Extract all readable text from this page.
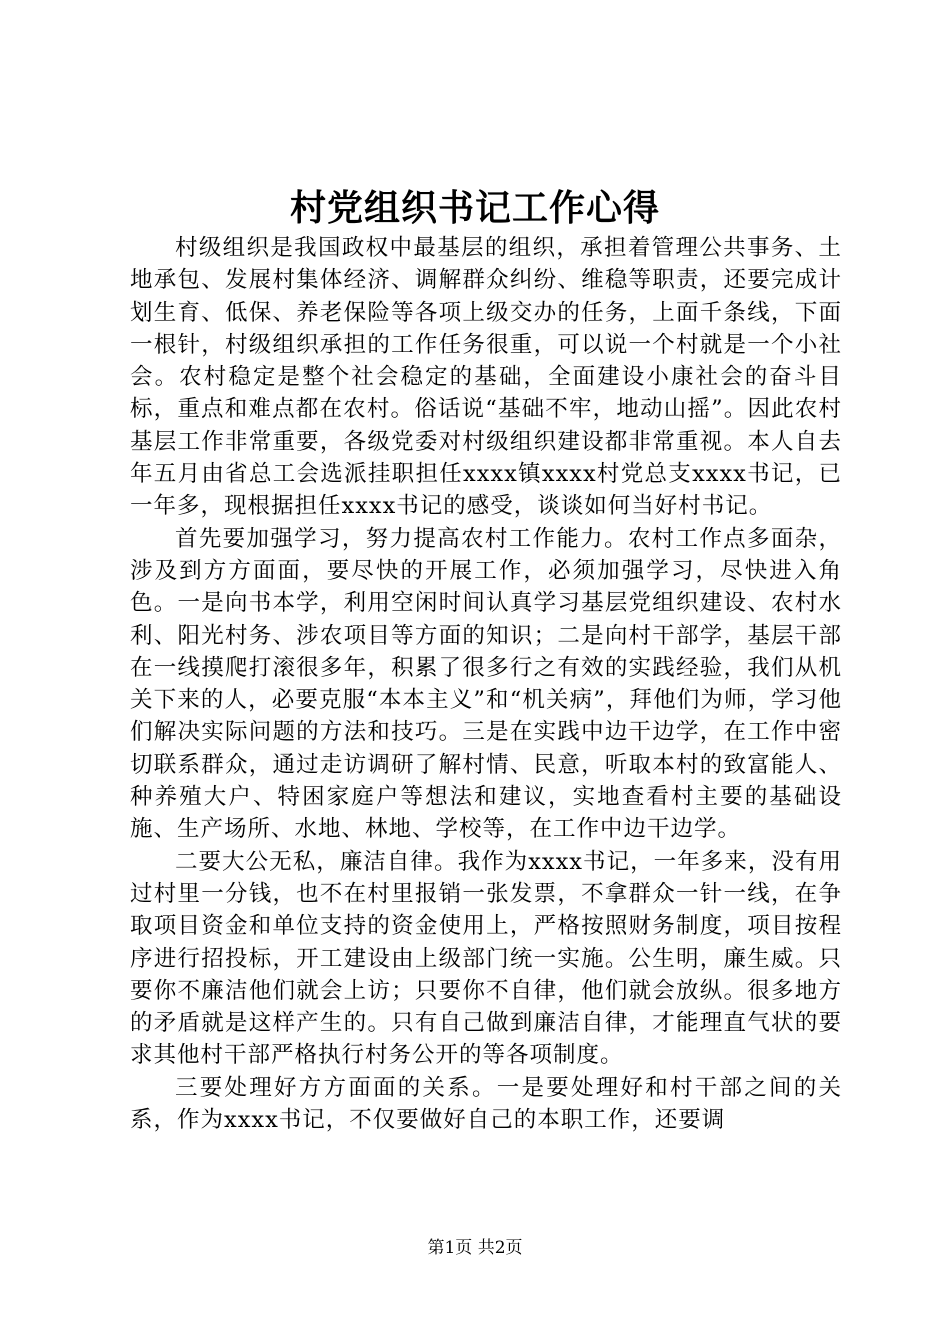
村党组织书记工作心得

村级组织是我国政权中最基层的组织，承担着管理公共事务、土地承包、发展村集体经济、调解群众纠纷、维稳等职责，还要完成计划生育、低保、养老保险等各项上级交办的任务，上面千条线，下面一根针，村级组织承担的工作任务很重，可以说一个村就是一个小社会。农村稳定是整个社会稳定的基础，全面建设小康社会的奋斗目标，重点和难点都在农村。俗话说“基础不牢，地动山摇”。因此农村基层工作非常重要，各级党委对村级组织建设都非常重视。本人自去年五月由省总工会选派挂职担任xxxx镇xxxx村党总支xxxx书记，已一年多，现根据担任xxxx书记的感受，谈谈如何当好村书记。

首先要加强学习，努力提高农村工作能力。农村工作点多面杂，涉及到方方面面，要尽快的开展工作，必须加强学习，尽快进入角色。一是向书本学，利用空闲时间认真学习基层党组织建设、农村水利、阳光村务、涉农项目等方面的知识；二是向村干部学，基层干部在一线摸爬打滚很多年，积累了很多行之有效的实践经验，我们从机关下来的人，必要克服“本本主义”和“机关病”，拜他们为师，学习他们解决实际问题的方法和技巧。三是在实践中边干边学，在工作中密切联系群众，通过走访调研了解村情、民意，听取本村的致富能人、种养殖大户、特困家庭户等想法和建议，实地查看村主要的基础设施、生产场所、水地、林地、学校等，在工作中边干边学。

二要大公无私，廉洁自律。我作为xxxx书记，一年多来，没有用过村里一分钱，也不在村里报销一张发票，不拿群众一针一线，在争取项目资金和单位支持的资金使用上，严格按照财务制度，项目按程序进行招投标，开工建设由上级部门统一实施。公生明，廉生威。只要你不廉洁他们就会上访；只要你不自律，他们就会放纵。很多地方的矛盾就是这样产生的。只有自己做到廉洁自律，才能理直气状的要求其他村干部严格执行村务公开的等各项制度。

三要处理好方方面面的关系。一是要处理好和村干部之间的关系，作为xxxx书记，不仅要做好自己的本职工作，还要调

第1页 共2页
